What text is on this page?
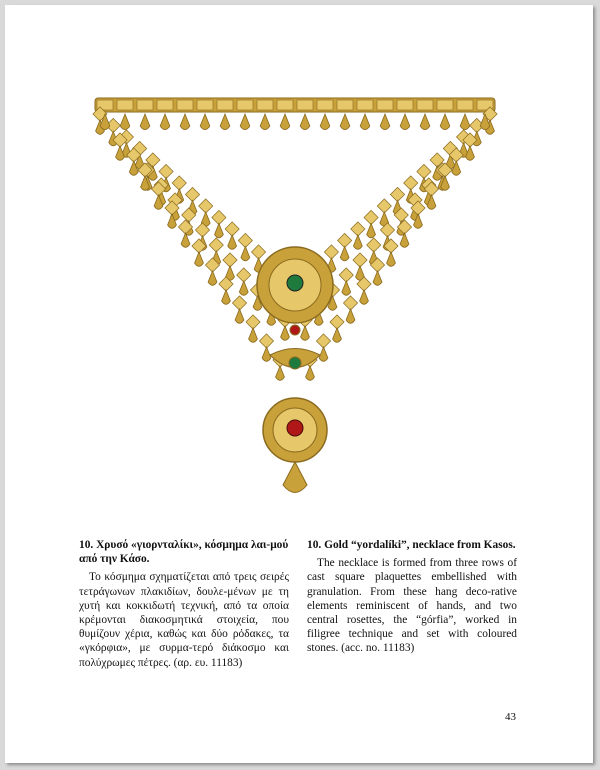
10. Χρυσό «γιορνταλίκι», κόσμημα λαι-μού από την Κάσο.

Το κόσμημα σχηματίζεται από τρεις σειρές τετράγωνων πλακιδίων, δουλε-μένων με τη χυτή και κοκκιδωτή τεχνική, από τα οποία κρέμονται διακοσμητικά στοιχεία, που θυμίζουν χέρια, καθώς και δύο ρόδακες, τα «γκόρφια», με συρμα-τερό διάκοσμο και πολύχρωμες πέτρες. (αρ. ευ. 11183)

10. Gold “yordalíki”, necklace from Kasos.

The necklace is formed from three rows of cast square plaquettes embellished with granulation. From these hang deco-rative elements reminiscent of hands, and two central rosettes, the “górfia”, worked in filigree technique and set with coloured stones. (acc. no. 11183)

43
